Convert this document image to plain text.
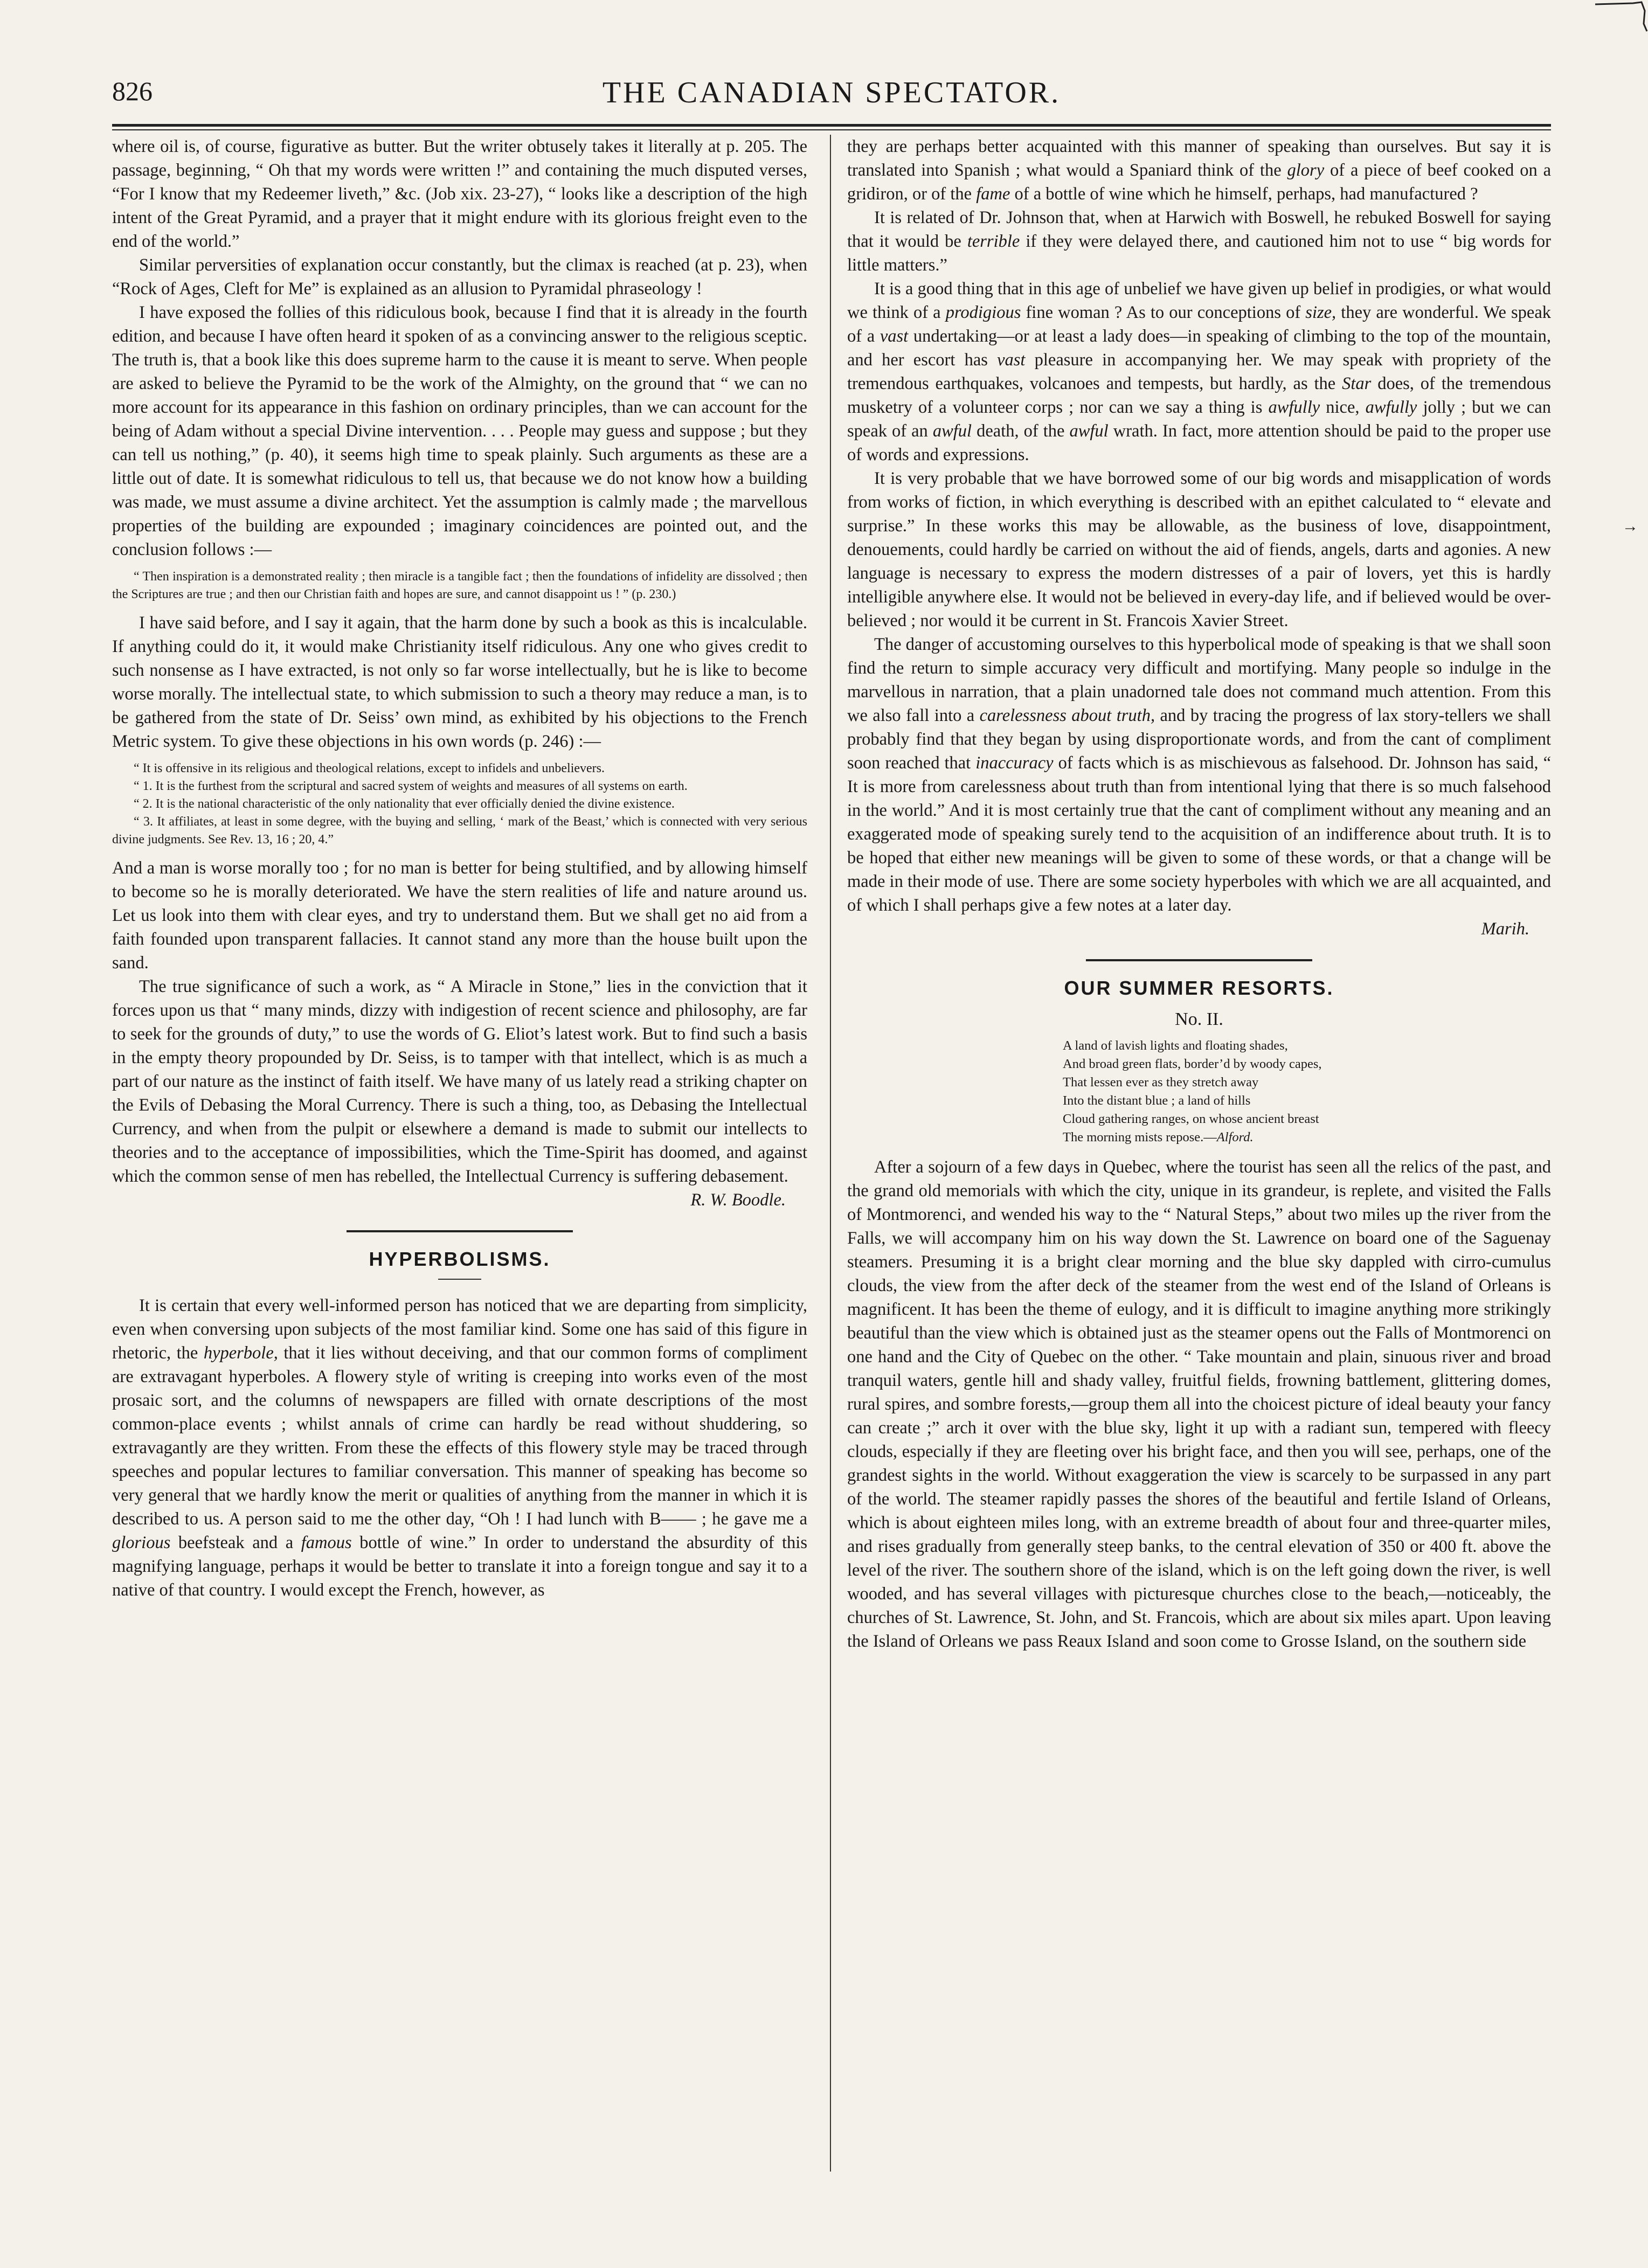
→
826	THE CANADIAN SPECTATOR.

where oil is, of course, figurative as butter. But the writer obtusely takes it literally at p. 205. The passage, beginning, “ Oh that my words were written !” and containing the much disputed verses, “For I know that my Redeemer liveth,” &c. (Job xix. 23-27), “ looks like a description of the high intent of the Great Pyramid, and a prayer that it might endure with its glorious freight even to the end of the world.”

Similar perversities of explanation occur constantly, but the climax is reached (at p. 23), when “Rock of Ages, Cleft for Me” is explained as an allusion to Pyramidal phraseology !

I have exposed the follies of this ridiculous book, because I find that it is already in the fourth edition, and because I have often heard it spoken of as a convincing answer to the religious sceptic. The truth is, that a book like this does supreme harm to the cause it is meant to serve. When people are asked to believe the Pyramid to be the work of the Almighty, on the ground that “ we can no more account for its appearance in this fashion on ordinary principles, than we can account for the being of Adam without a special Divine intervention. . . . People may guess and suppose ; but they can tell us nothing,” (p. 40), it seems high time to speak plainly. Such arguments as these are a little out of date. It is somewhat ridiculous to tell us, that because we do not know how a building was made, we must assume a divine architect. Yet the assumption is calmly made ; the marvellous properties of the building are expounded ; imaginary coincidences are pointed out, and the conclusion follows :—

“ Then inspiration is a demonstrated reality ; then miracle is a tangible fact ; then the foundations of infidelity are dissolved ; then the Scriptures are true ; and then our Christian faith and hopes are sure, and cannot disappoint us ! ” (p. 230.)

I have said before, and I say it again, that the harm done by such a book as this is incalculable. If anything could do it, it would make Christianity itself ridiculous. Any one who gives credit to such nonsense as I have extracted, is not only so far worse intellectually, but he is like to become worse morally. The intellectual state, to which submission to such a theory may reduce a man, is to be gathered from the state of Dr. Seiss’ own mind, as exhibited by his objections to the French Metric system. To give these objections in his own words (p. 246) :—

“ It is offensive in its religious and theological relations, except to infidels and unbelievers.

“ 1. It is the furthest from the scriptural and sacred system of weights and measures of all systems on earth.

“ 2. It is the national characteristic of the only nationality that ever officially denied the divine existence.

“ 3. It affiliates, at least in some degree, with the buying and selling, ‘ mark of the Beast,’ which is connected with very serious divine judgments. See Rev. 13, 16 ; 20, 4.”

And a man is worse morally too ; for no man is better for being stultified, and by allowing himself to become so he is morally deteriorated. We have the stern realities of life and nature around us. Let us look into them with clear eyes, and try to understand them. But we shall get no aid from a faith founded upon transparent fallacies. It cannot stand any more than the house built upon the sand.

The true significance of such a work, as “ A Miracle in Stone,” lies in the conviction that it forces upon us that “ many minds, dizzy with indigestion of recent science and philosophy, are far to seek for the grounds of duty,” to use the words of G. Eliot’s latest work. But to find such a basis in the empty theory propounded by Dr. Seiss, is to tamper with that intellect, which is as much a part of our nature as the instinct of faith itself. We have many of us lately read a striking chapter on the Evils of Debasing the Moral Currency. There is such a thing, too, as Debasing the Intellectual Currency, and when from the pulpit or elsewhere a demand is made to submit our intellects to theories and to the acceptance of impossibilities, which the Time-Spirit has doomed, and against which the common sense of men has rebelled, the Intellectual Currency is suffering debasement.

R. W. Boodle.
HYPERBOLISMS.

It is certain that every well-informed person has noticed that we are departing from simplicity, even when conversing upon subjects of the most familiar kind. Some one has said of this figure in rhetoric, the hyperbole, that it lies without deceiving, and that our common forms of compliment are extravagant hyperboles. A flowery style of writing is creeping into works even of the most prosaic sort, and the columns of newspapers are filled with ornate descriptions of the most common-place events ; whilst annals of crime can hardly be read without shuddering, so extravagantly are they written. From these the effects of this flowery style may be traced through speeches and popular lectures to familiar conversation. This manner of speaking has become so very general that we hardly know the merit or qualities of anything from the manner in which it is described to us. A person said to me the other day, “Oh ! I had lunch with B—— ; he gave me a glorious beefsteak and a famous bottle of wine.” In order to understand the absurdity of this magnifying language, perhaps it would be better to translate it into a foreign tongue and say it to a native of that country. I would except the French, however, as

they are perhaps better acquainted with this manner of speaking than ourselves. But say it is translated into Spanish ; what would a Spaniard think of the glory of a piece of beef cooked on a gridiron, or of the fame of a bottle of wine which he himself, perhaps, had manufactured ?

It is related of Dr. Johnson that, when at Harwich with Boswell, he rebuked Boswell for saying that it would be terrible if they were delayed there, and cautioned him not to use “ big words for little matters.”

It is a good thing that in this age of unbelief we have given up belief in prodigies, or what would we think of a prodigious fine woman ? As to our conceptions of size, they are wonderful. We speak of a vast undertaking—or at least a lady does—in speaking of climbing to the top of the mountain, and her escort has vast pleasure in accompanying her. We may speak with propriety of the tremendous earthquakes, volcanoes and tempests, but hardly, as the Star does, of the tremendous musketry of a volunteer corps ; nor can we say a thing is awfully nice, awfully jolly ; but we can speak of an awful death, of the awful wrath. In fact, more attention should be paid to the proper use of words and expressions.

It is very probable that we have borrowed some of our big words and misapplication of words from works of fiction, in which everything is described with an epithet calculated to “ elevate and surprise.” In these works this may be allowable, as the business of love, disappointment, denouements, could hardly be carried on without the aid of fiends, angels, darts and agonies. A new language is necessary to express the modern distresses of a pair of lovers, yet this is hardly intelligible anywhere else. It would not be believed in every-day life, and if believed would be over-believed ; nor would it be current in St. Francois Xavier Street.

The danger of accustoming ourselves to this hyperbolical mode of speaking is that we shall soon find the return to simple accuracy very difficult and mortifying. Many people so indulge in the marvellous in narration, that a plain unadorned tale does not command much attention. From this we also fall into a carelessness about truth, and by tracing the progress of lax story-tellers we shall probably find that they began by using disproportionate words, and from the cant of compliment soon reached that inaccuracy of facts which is as mischievous as falsehood. Dr. Johnson has said, “ It is more from carelessness about truth than from intentional lying that there is so much falsehood in the world.” And it is most certainly true that the cant of compliment without any meaning and an exaggerated mode of speaking surely tend to the acquisition of an indifference about truth. It is to be hoped that either new meanings will be given to some of these words, or that a change will be made in their mode of use. There are some society hyperboles with which we are all acquainted, and of which I shall perhaps give a few notes at a later day.

Marih.
OUR SUMMER RESORTS.
No. II.
A land of lavish lights and floating shades,
And broad green flats, border’d by woody capes,
That lessen ever as they stretch away
Into the distant blue ; a land of hills
Cloud gathering ranges, on whose ancient breast
The morning mists repose.—Alford.

After a sojourn of a few days in Quebec, where the tourist has seen all the relics of the past, and the grand old memorials with which the city, unique in its grandeur, is replete, and visited the Falls of Montmorenci, and wended his way to the “ Natural Steps,” about two miles up the river from the Falls, we will accompany him on his way down the St. Lawrence on board one of the Saguenay steamers. Presuming it is a bright clear morning and the blue sky dappled with cirro-cumulus clouds, the view from the after deck of the steamer from the west end of the Island of Orleans is magnificent. It has been the theme of eulogy, and it is difficult to imagine anything more strikingly beautiful than the view which is obtained just as the steamer opens out the Falls of Montmorenci on one hand and the City of Quebec on the other. “ Take mountain and plain, sinuous river and broad tranquil waters, gentle hill and shady valley, fruitful fields, frowning battlement, glittering domes, rural spires, and sombre forests,—group them all into the choicest picture of ideal beauty your fancy can create ;” arch it over with the blue sky, light it up with a radiant sun, tempered with fleecy clouds, especially if they are fleeting over his bright face, and then you will see, perhaps, one of the grandest sights in the world. Without exaggeration the view is scarcely to be surpassed in any part of the world. The steamer rapidly passes the shores of the beautiful and fertile Island of Orleans, which is about eighteen miles long, with an extreme breadth of about four and three-quarter miles, and rises gradually from generally steep banks, to the central elevation of 350 or 400 ft. above the level of the river. The southern shore of the island, which is on the left going down the river, is well wooded, and has several villages with picturesque churches close to the beach,—noticeably, the churches of St. Lawrence, St. John, and St. Francois, which are about six miles apart. Upon leaving the Island of Orleans we pass Reaux Island and soon come to Grosse Island, on the southern side
